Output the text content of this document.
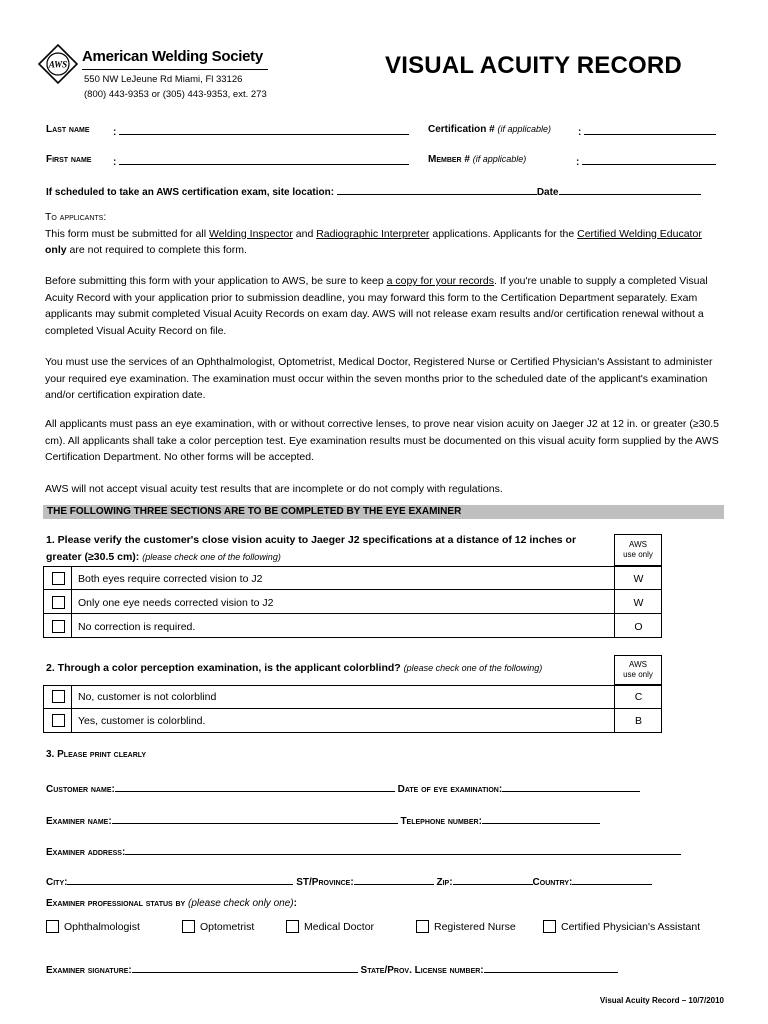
AWS American Welding Society
550 NW LeJeune Rd Miami, Fl 33126
(800) 443-9353 or (305) 443-9353, ext. 273
VISUAL ACUITY RECORD
Last name :	Certification # (if applicable)	:
First name :	Member # (if applicable)	:
If scheduled to take an AWS certification exam, site location:	Date

To applicants:

This form must be submitted for all Welding Inspector and Radiographic Interpreter applications. Applicants for the Certified Welding Educator only are not required to complete this form.

Before submitting this form with your application to AWS, be sure to keep a copy for your records. If you're unable to supply a completed Visual Acuity Record with your application prior to submission deadline, you may forward this form to the Certification Department separately. Exam applicants may submit completed Visual Acuity Records on exam day. AWS will not release exam results and/or certification renewal without a completed Visual Acuity Record on file.

You must use the services of an Ophthalmologist, Optometrist, Medical Doctor, Registered Nurse or Certified Physician's Assistant to administer your required eye examination. The examination must occur within the seven months prior to the scheduled date of the applicant's examination and/or certification expiration date.
All applicants must pass an eye examination, with or without corrective lenses, to prove near vision acuity on Jaeger J2 at 12 in. or greater (≥30.5 cm). All applicants shall take a color perception test. Eye examination results must be documented on this visual acuity form supplied by the AWS Certification Department. No other forms will be accepted.
AWS will not accept visual acuity test results that are incomplete or do not comply with regulations.
THE FOLLOWING THREE SECTIONS ARE TO BE COMPLETED BY THE EYE EXAMINER
1. Please verify the customer's close vision acuity to Jaeger J2 specifications at a distance of 12 inches or
greater (≥30.5 cm): (please check one of the following)
AWS
use only
Both eyes require corrected vision to J2	W
Only one eye needs corrected vision to J2	W
No correction is required.	O
2. Through a color perception examination, is the applicant colorblind? (please check one of the following)	AWS
use only
No, customer is not colorblind	C
Yes, customer is colorblind.	B
3. Please print clearly
Customer name:	Date of eye examination:
Examiner name:	Telephone number:
Examiner address:
City:	ST/Province:	Zip:	Country:
Examiner professional status by (please check only one):
Ophthalmologist	Optometrist	Medical Doctor	Registered Nurse	Certified Physician's Assistant
Examiner signature:	State/Prov. License number:
Visual Acuity Record – 10/7/2010
